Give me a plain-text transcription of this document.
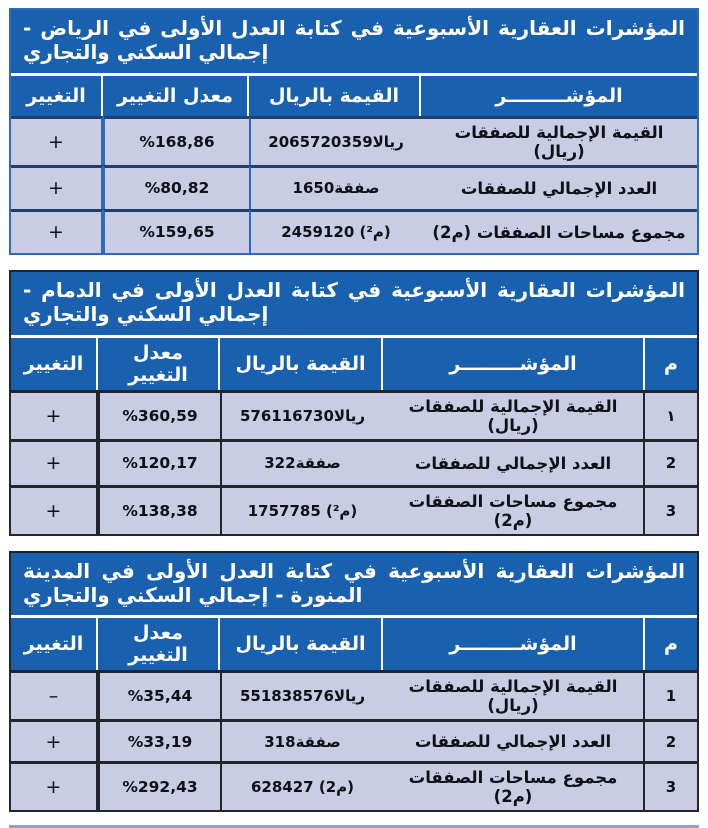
المؤشرات العقارية الأسبوعية في كتابة العدل الأولى في الرياض - إجمالي السكني والتجاري
المؤشـــــــــر
القيمة بالريال
معدل التغيير
التغيير
القيمة الإجمالية للصفقات (ريال)
2065720359ريالا
%168,86
+
العدد الإجمالي للصفقات
1650صفقة
%80,82
+
مجموع مساحات الصفقات (م2)
2459120 (م²)
%159,65
+
المؤشرات العقارية الأسبوعية في كتابة العدل الأولى في الدمام - إجمالي السكني والتجاري
م
المؤشـــــــــر
القيمة بالريال
معدل التغيير
التغيير
١
القيمة الإجمالية للصفقات (ريال)
576116730ريالا
%360,59
+
2
العدد الإجمالي للصفقات
322صفقة
%120,17
+
3
مجموع مساحات الصفقات (م2)
1757785 (م²)
%138,38
+
المؤشرات العقارية الأسبوعية في كتابة العدل الأولى في المدينة المنورة - إجمالي السكني والتجاري
م
المؤشـــــــــر
القيمة بالريال
معدل التغيير
التغيير
1
القيمة الإجمالية للصفقات (ريال)
551838576ريالا
%35,44
–
2
العدد الإجمالي للصفقات
318صفقة
%33,19
+
3
مجموع مساحات الصفقات (م2)
628427 (م2)
%292,43
+
